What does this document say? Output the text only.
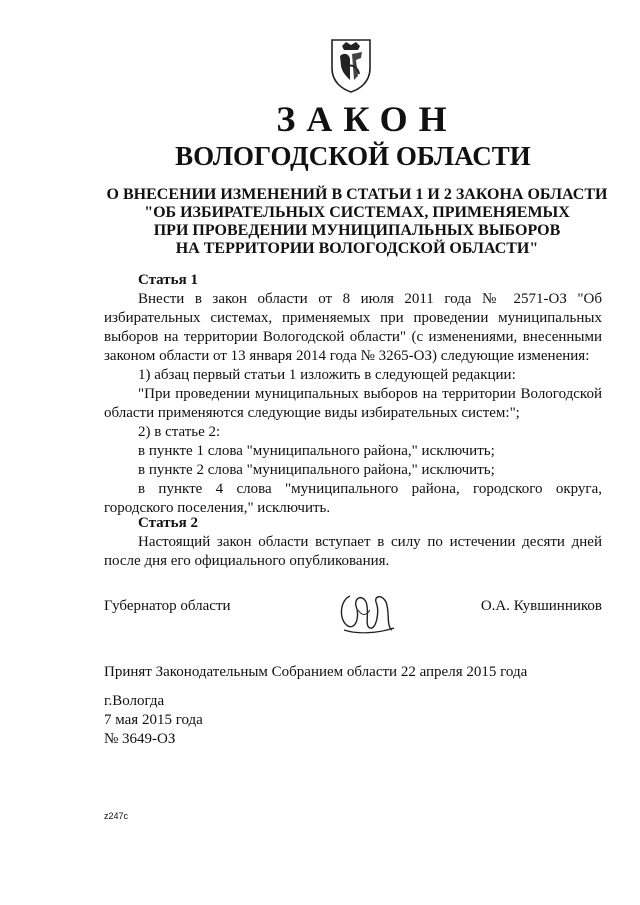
ЗАКОН
ВОЛОГОДСКОЙ ОБЛАСТИ
О ВНЕСЕНИИ ИЗМЕНЕНИЙ В СТАТЬИ 1 И 2 ЗАКОНА ОБЛАСТИ
"ОБ ИЗБИРАТЕЛЬНЫХ СИСТЕМАХ, ПРИМЕНЯЕМЫХ
ПРИ ПРОВЕДЕНИИ МУНИЦИПАЛЬНЫХ ВЫБОРОВ
НА ТЕРРИТОРИИ ВОЛОГОДСКОЙ ОБЛАСТИ"
Статья 1
Внести в закон области от 8 июля 2011 года № 2571-ОЗ "Об избирательных системах, применяемых при проведении муниципальных выборов на территории Вологодской области" (с изменениями, внесенными законом области от 13 января 2014 года № 3265-ОЗ) следующие изменения:
1) абзац первый статьи 1 изложить в следующей редакции:
"При проведении муниципальных выборов на территории Вологодской области применяются следующие виды избирательных систем:";
2) в статье 2:
в пункте 1 слова "муниципального района," исключить;
в пункте 2 слова "муниципального района," исключить;
в пункте 4 слова "муниципального района, городского округа, городского поселения," исключить.
Статья 2
Настоящий закон области вступает в силу по истечении десяти дней после дня его официального опубликования.
Губернатор области	О.А. Кувшинников
Принят Законодательным Собранием области 22 апреля 2015 года
г.Вологда
7 мая 2015 года
№ 3649-ОЗ
z247c
